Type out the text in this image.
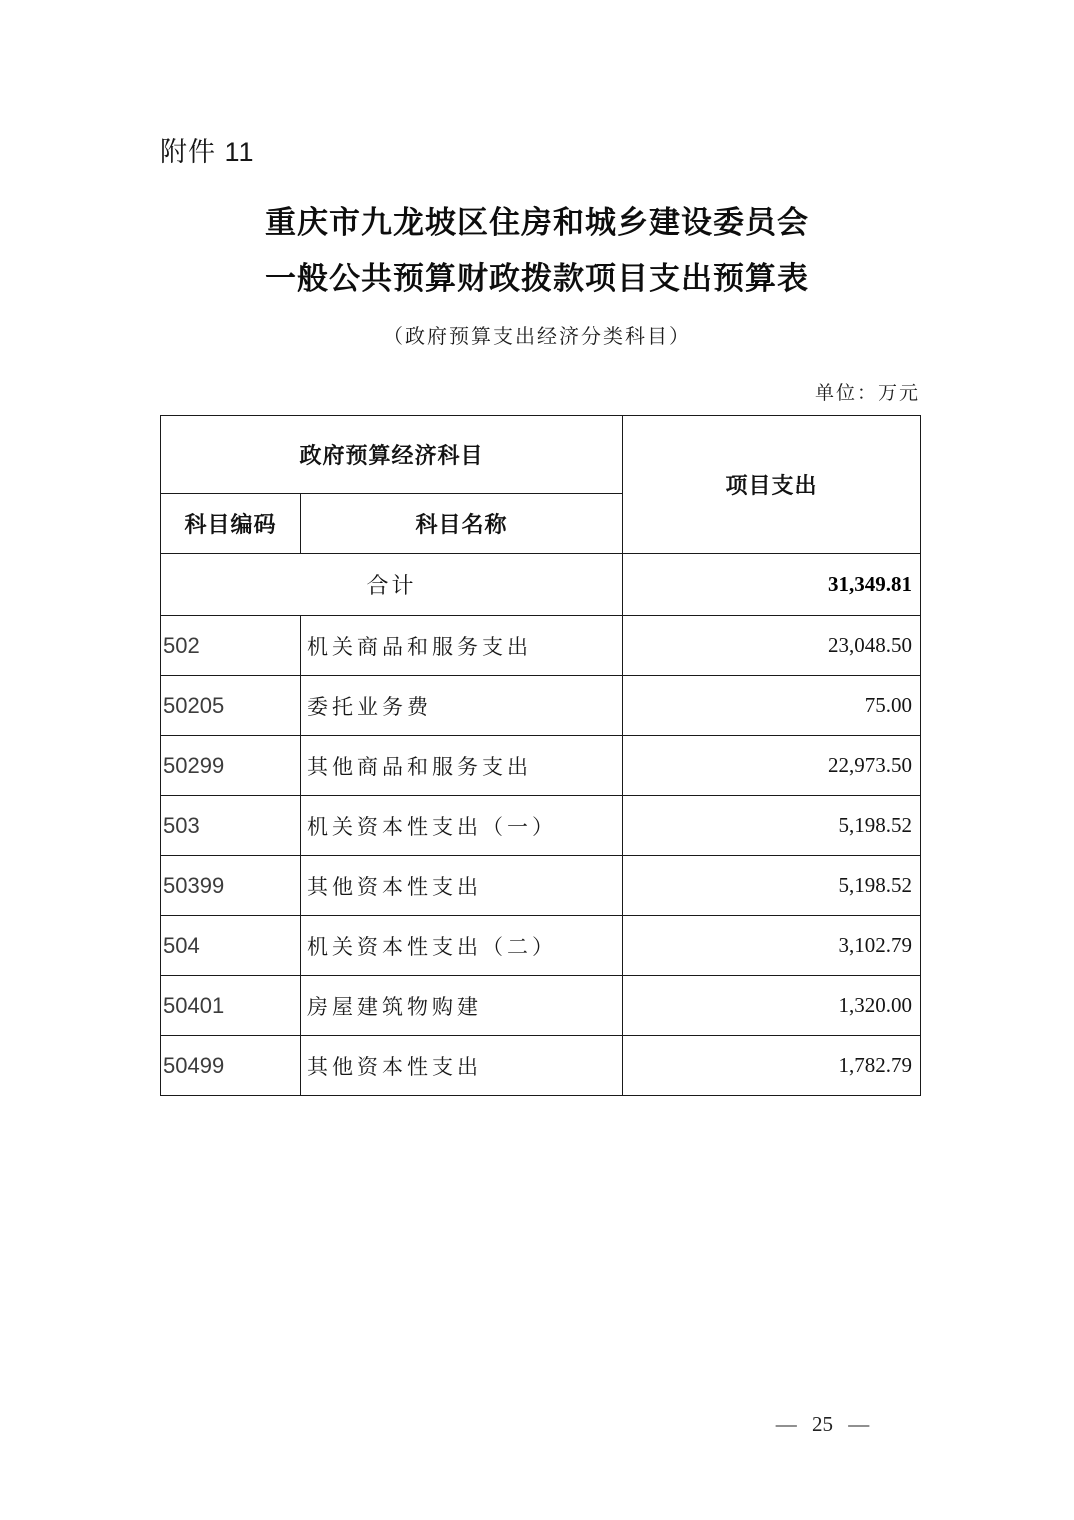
附件 11
重庆市九龙坡区住房和城乡建设委员会
一般公共预算财政拨款项目支出预算表
（政府预算支出经济分类科目）
单位：万元
政府预算经济科目		项目支出
科目编码	科目名称	
合计		31,349.81
502	机关商品和服务支出	23,048.50
50205	委托业务费	75.00
50299	其他商品和服务支出	22,973.50
503	机关资本性支出（一）	5,198.52
50399	其他资本性支出	5,198.52
504	机关资本性支出（二）	3,102.79
50401	房屋建筑物购建	1,320.00
50499	其他资本性支出	1,782.79
— 25 —
